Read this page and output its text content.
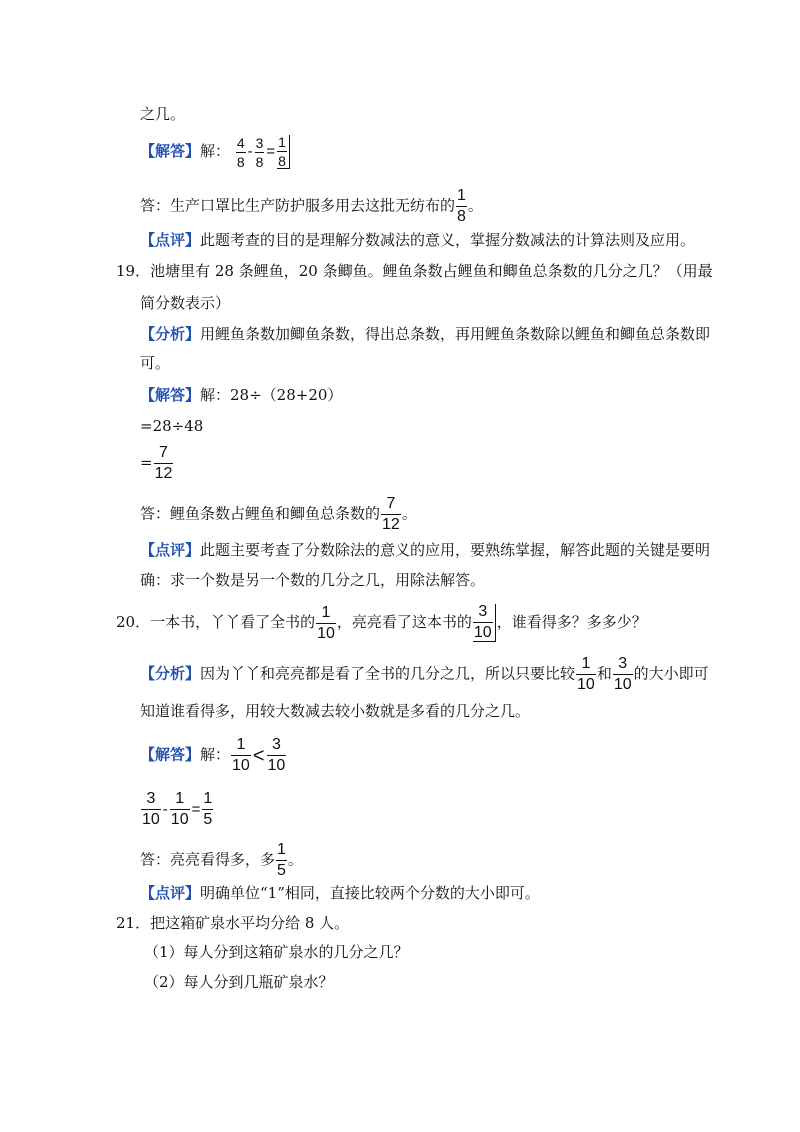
之几。
【解答】解： $\frac{4}{8} - \frac{3}{8} = \frac{1}{8}$
答：生产口罩比生产防护服多用去这批无纺布的 $\frac{1}{8}$ 。
【点评】此题考查的目的是理解分数减法的意义，掌握分数减法的计算法则及应用。
19．池塘里有 28 条鲤鱼，20 条鲫鱼。鲤鱼条数占鲤鱼和鲫鱼总条数的几分之几？（用最
简分数表示）
【分析】用鲤鱼条数加鲫鱼条数，得出总条数，再用鲤鱼条数除以鲤鱼和鲫鱼总条数即
可。
【解答】解：28÷（28+20）
=28÷48
= $\frac{7}{12}$
答：鲤鱼条数占鲤鱼和鲫鱼总条数的 $\frac{7}{12}$ 。
【点评】此题主要考查了分数除法的意义的应用，要熟练掌握，解答此题的关键是要明
确：求一个数是另一个数的几分之几，用除法解答。
20．一本书，丫丫看了全书的 $\frac{1}{10}$ ，亮亮看了这本书的 $\frac{3}{10}$ ，谁看得多？多多少？
【分析】因为丫丫和亮亮都是看了全书的几分之几，所以只要比较 $\frac{1}{10}$ 和 $\frac{3}{10}$ 的大小即可
知道谁看得多，用较大数减去较小数就是多看的几分之几。
【解答】解： $\frac{1}{10} < \frac{3}{10}$
$\frac{3}{10} - \frac{1}{10} = \frac{1}{5}$
答：亮亮看得多，多 $\frac{1}{5}$ 。
【点评】明确单位“1”相同，直接比较两个分数的大小即可。
21．把这箱矿泉水平均分给 8 人。
（1）每人分到这箱矿泉水的几分之几？
（2）每人分到几瓶矿泉水？
